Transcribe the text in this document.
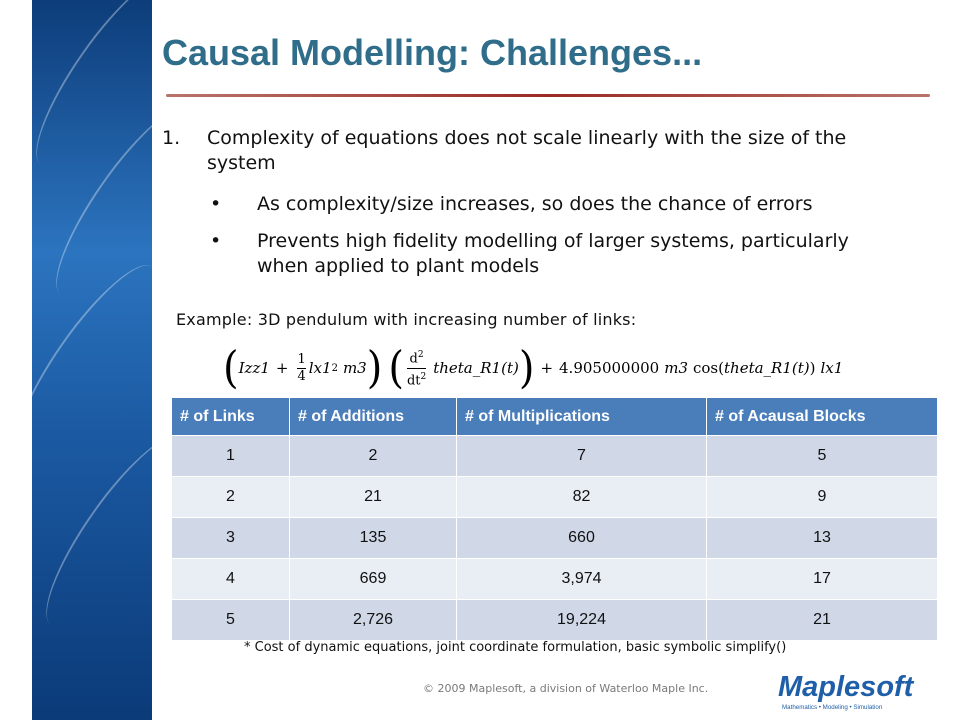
Causal Modelling: Challenges...
1. Complexity of equations does not scale linearly with the size of the system
• As complexity/size increases, so does the chance of errors
• Prevents high fidelity modelling of larger systems, particularly when applied to plant models
Example: 3D pendulum with increasing number of links:
( $Izz1 + \frac{1}{4} lx1$ 2 m3 ) ( $\frac{d^2}{dt^2}$ theta_R1 (t) ) + 4.905000000 m3 cos ( theta_R1 (t) ) lx1
# of Links	# of Additions	# of Multiplications	# of Acausal Blocks
1	2	7	5
2	21	82	9
3	135	660	13
4	669	3,974	17
5	2,726	19,224	21
* Cost of dynamic equations, joint coordinate formulation, basic symbolic simplify()
© 2009 Maplesoft, a division of Waterloo Maple Inc. Maplesoft
Mathematics • Modeling • Simulation
